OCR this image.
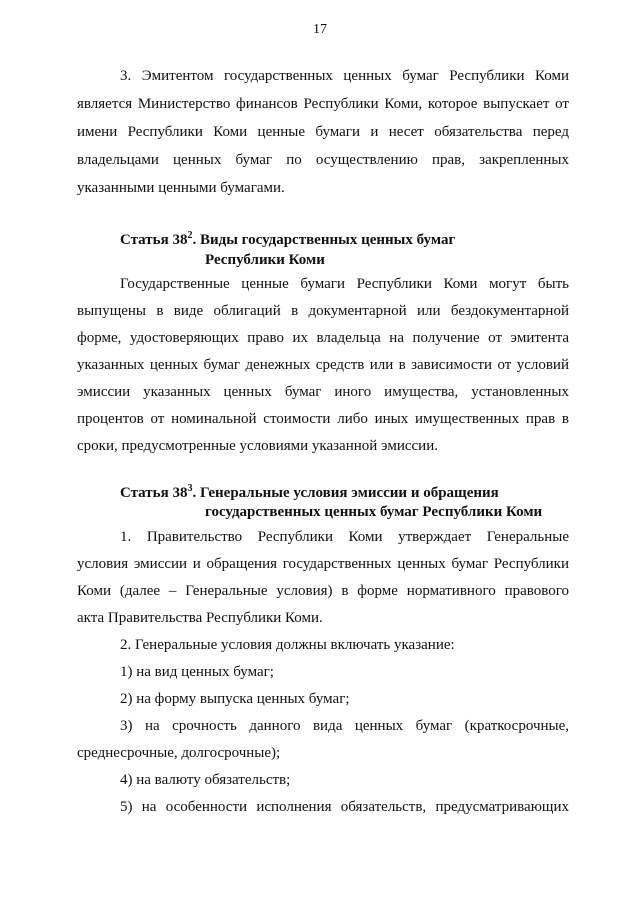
17
3. Эмитентом государственных ценных бумаг Республики Коми
является Министерство финансов Республики Коми, которое выпускает от
имени Республики Коми ценные бумаги и несет обязательства перед
владельцами ценных бумаг по осуществлению прав, закрепленных
указанными ценными бумагами.
Статья $38^2$. Виды государственных ценных бумаг
Республики Коми
Государственные ценные бумаги Республики Коми могут быть
выпущены в виде облигаций в документарной или бездокументарной
форме, удостоверяющих право их владельца на получение от эмитента
указанных ценных бумаг денежных средств или в зависимости от условий
эмиссии указанных ценных бумаг иного имущества, установленных
процентов от номинальной стоимости либо иных имущественных прав в
сроки, предусмотренные условиями указанной эмиссии.
Статья $38^3$. Генеральные условия эмиссии и обращения
государственных ценных бумаг Республики Коми
1. Правительство Республики Коми утверждает Генеральные
условия эмиссии и обращения государственных ценных бумаг Республики
Коми (далее – Генеральные условия) в форме нормативного правового
акта Правительства Республики Коми.
2. Генеральные условия должны включать указание:
1) на вид ценных бумаг;
2) на форму выпуска ценных бумаг;
3) на срочность данного вида ценных бумаг (краткосрочные,
среднесрочные, долгосрочные);
4) на валюту обязательств;
5) на особенности исполнения обязательств, предусматривающих
